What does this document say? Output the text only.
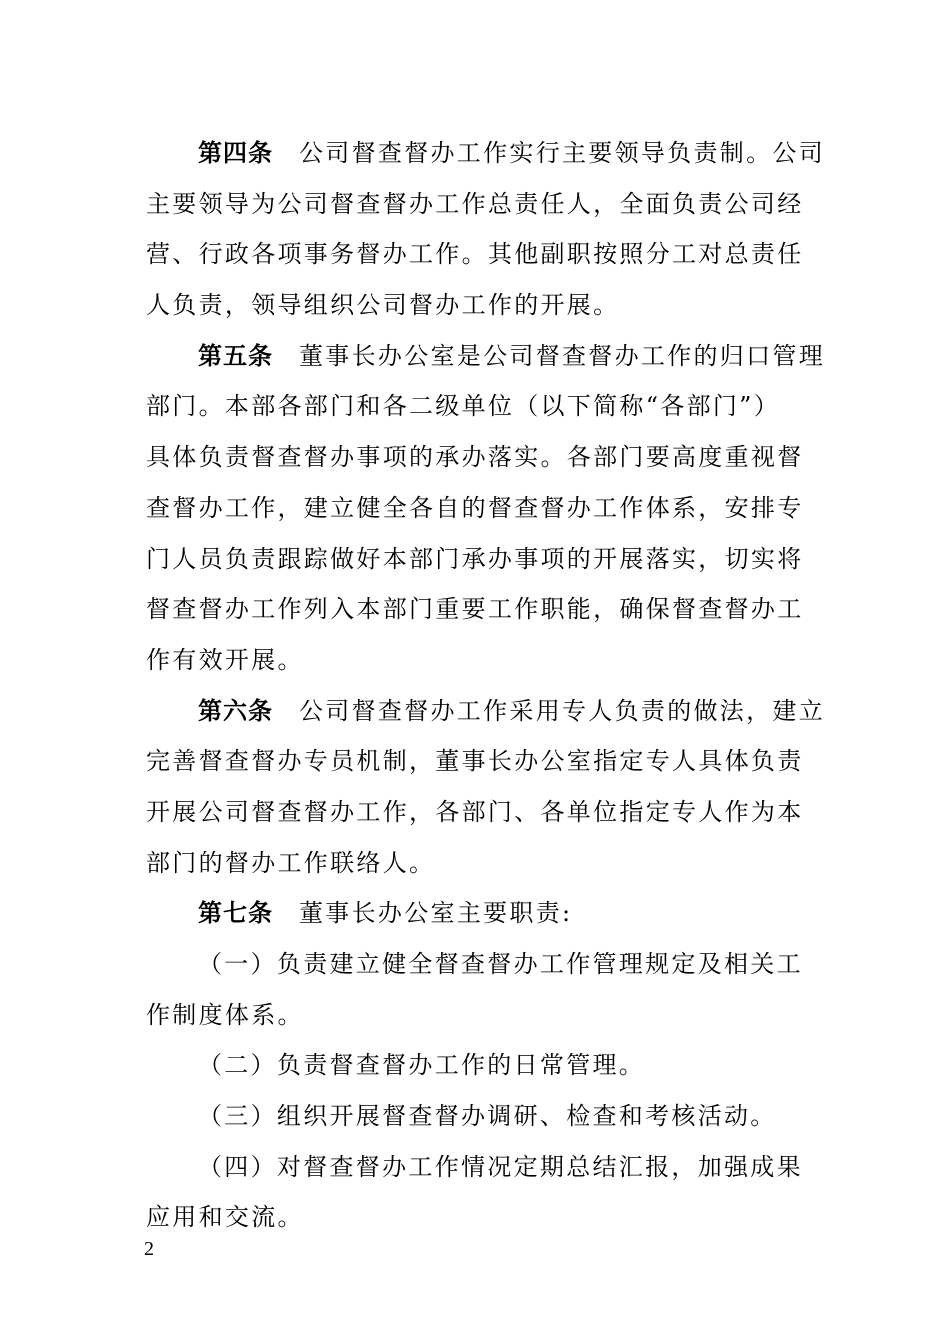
第四条 公司督查督办工作实行主要领导负责制。公司
主要领导为公司督查督办工作总责任人，全面负责公司经
营、行政各项事务督办工作。其他副职按照分工对总责任
人负责，领导组织公司督办工作的开展。
第五条 董事长办公室是公司督查督办工作的归口管理
部门。本部各部门和各二级单位（以下简称“各部门”）
具体负责督查督办事项的承办落实。各部门要高度重视督
查督办工作，建立健全各自的督查督办工作体系，安排专
门人员负责跟踪做好本部门承办事项的开展落实，切实将
督查督办工作列入本部门重要工作职能，确保督查督办工
作有效开展。
第六条 公司督查督办工作采用专人负责的做法，建立
完善督查督办专员机制，董事长办公室指定专人具体负责
开展公司督查督办工作，各部门、各单位指定专人作为本
部门的督办工作联络人。
第七条 董事长办公室主要职责:
（一）负责建立健全督查督办工作管理规定及相关工
作制度体系。
（二）负责督查督办工作的日常管理。
（三）组织开展督查督办调研、检查和考核活动。
（四）对督查督办工作情况定期总结汇报，加强成果
应用和交流。
2
